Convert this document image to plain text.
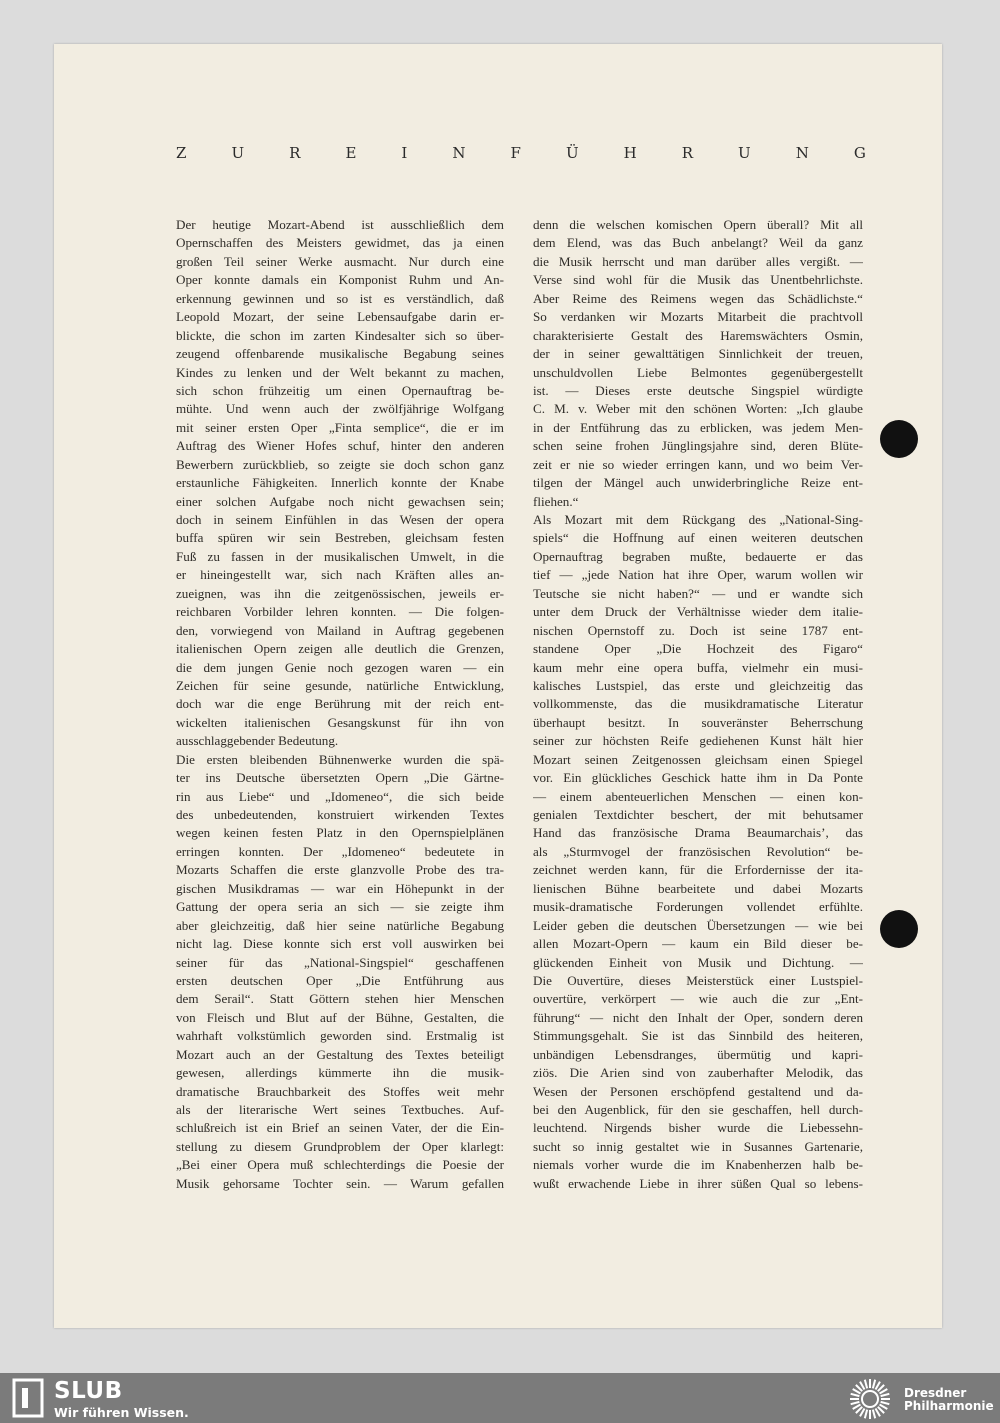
Z	U	R	E	I	N	F	Ü	H	R	U	N	G
Der heutige Mozart-Abend ist ausschließlich dem
Opernschaffen des Meisters gewidmet, das ja einen
großen Teil seiner Werke ausmacht. Nur durch eine
Oper konnte damals ein Komponist Ruhm und An-
erkennung gewinnen und so ist es verständlich, daß
Leopold Mozart, der seine Lebensaufgabe darin er-
blickte, die schon im zarten Kindesalter sich so über-
zeugend offenbarende musikalische Begabung seines
Kindes zu lenken und der Welt bekannt zu machen,
sich schon frühzeitig um einen Opernauftrag be-
mühte. Und wenn auch der zwölfjährige Wolfgang
mit seiner ersten Oper „Finta semplice“, die er im
Auftrag des Wiener Hofes schuf, hinter den anderen
Bewerbern zurückblieb, so zeigte sie doch schon ganz
erstaunliche Fähigkeiten. Innerlich konnte der Knabe
einer solchen Aufgabe noch nicht gewachsen sein;
doch in seinem Einfühlen in das Wesen der opera
buffa spüren wir sein Bestreben, gleichsam festen
Fuß zu fassen in der musikalischen Umwelt, in die
er hineingestellt war, sich nach Kräften alles an-
zueignen, was ihn die zeitgenössischen, jeweils er-
reichbaren Vorbilder lehren konnten. — Die folgen-
den, vorwiegend von Mailand in Auftrag gegebenen
italienischen Opern zeigen alle deutlich die Grenzen,
die dem jungen Genie noch gezogen waren — ein
Zeichen für seine gesunde, natürliche Entwicklung,
doch war die enge Berührung mit der reich ent-
wickelten italienischen Gesangskunst für ihn von
ausschlaggebender Bedeutung.
Die ersten bleibenden Bühnenwerke wurden die spä-
ter ins Deutsche übersetzten Opern „Die Gärtne-
rin aus Liebe“ und „Idomeneo“, die sich beide
des unbedeutenden, konstruiert wirkenden Textes
wegen keinen festen Platz in den Opernspielplänen
erringen konnten. Der „Idomeneo“ bedeutete in
Mozarts Schaffen die erste glanzvolle Probe des tra-
gischen Musikdramas — war ein Höhepunkt in der
Gattung der opera seria an sich — sie zeigte ihm
aber gleichzeitig, daß hier seine natürliche Begabung
nicht lag. Diese konnte sich erst voll auswirken bei
seiner für das „National-Singspiel“ geschaffenen
ersten deutschen Oper „Die Entführung aus
dem Serail“. Statt Göttern stehen hier Menschen
von Fleisch und Blut auf der Bühne, Gestalten, die
wahrhaft volkstümlich geworden sind. Erstmalig ist
Mozart auch an der Gestaltung des Textes beteiligt
gewesen, allerdings kümmerte ihn die musik-
dramatische Brauchbarkeit des Stoffes weit mehr
als der literarische Wert seines Textbuches. Auf-
schlußreich ist ein Brief an seinen Vater, der die Ein-
stellung zu diesem Grundproblem der Oper klarlegt:
„Bei einer Opera muß schlechterdings die Poesie der
Musik gehorsame Tochter sein. — Warum gefallen
denn die welschen komischen Opern überall? Mit all
dem Elend, was das Buch anbelangt? Weil da ganz
die Musik herrscht und man darüber alles vergißt. —
Verse sind wohl für die Musik das Unentbehrlichste.
Aber Reime des Reimens wegen das Schädlichste.“
So verdanken wir Mozarts Mitarbeit die prachtvoll
charakterisierte Gestalt des Haremswächters Osmin,
der in seiner gewalttätigen Sinnlichkeit der treuen,
unschuldvollen Liebe Belmontes gegenübergestellt
ist. — Dieses erste deutsche Singspiel würdigte
C. M. v. Weber mit den schönen Worten: „Ich glaube
in der Entführung das zu erblicken, was jedem Men-
schen seine frohen Jünglingsjahre sind, deren Blüte-
zeit er nie so wieder erringen kann, und wo beim Ver-
tilgen der Mängel auch unwiderbringliche Reize ent-
fliehen.“
Als Mozart mit dem Rückgang des „National-Sing-
spiels“ die Hoffnung auf einen weiteren deutschen
Opernauftrag begraben mußte, bedauerte er das
tief — „jede Nation hat ihre Oper, warum wollen wir
Teutsche sie nicht haben?“ — und er wandte sich
unter dem Druck der Verhältnisse wieder dem italie-
nischen Opernstoff zu. Doch ist seine 1787 ent-
standene Oper „Die Hochzeit des Figaro“
kaum mehr eine opera buffa, vielmehr ein musi-
kalisches Lustspiel, das erste und gleichzeitig das
vollkommenste, das die musikdramatische Literatur
überhaupt besitzt. In souveränster Beherrschung
seiner zur höchsten Reife gediehenen Kunst hält hier
Mozart seinen Zeitgenossen gleichsam einen Spiegel
vor. Ein glückliches Geschick hatte ihm in Da Ponte
— einem abenteuerlichen Menschen — einen kon-
genialen Textdichter beschert, der mit behutsamer
Hand das französische Drama Beaumarchais’, das
als „Sturmvogel der französischen Revolution“ be-
zeichnet werden kann, für die Erfordernisse der ita-
lienischen Bühne bearbeitete und dabei Mozarts
musik-dramatische Forderungen vollendet erfühlte.
Leider geben die deutschen Übersetzungen — wie bei
allen Mozart-Opern — kaum ein Bild dieser be-
glückenden Einheit von Musik und Dichtung. —
Die Ouvertüre, dieses Meisterstück einer Lustspiel-
ouvertüre, verkörpert — wie auch die zur „Ent-
führung“ — nicht den Inhalt der Oper, sondern deren
Stimmungsgehalt. Sie ist das Sinnbild des heiteren,
unbändigen Lebensdranges, übermütig und kapri-
ziös. Die Arien sind von zauberhafter Melodik, das
Wesen der Personen erschöpfend gestaltend und da-
bei den Augenblick, für den sie geschaffen, hell durch-
leuchtend. Nirgends bisher wurde die Liebessehn-
sucht so innig gestaltet wie in Susannes Gartenarie,
niemals vorher wurde die im Knabenherzen halb be-
wußt erwachende Liebe in ihrer süßen Qual so lebens-
SLUB
Wir führen Wissen.
Dresdner
Philharmonie
